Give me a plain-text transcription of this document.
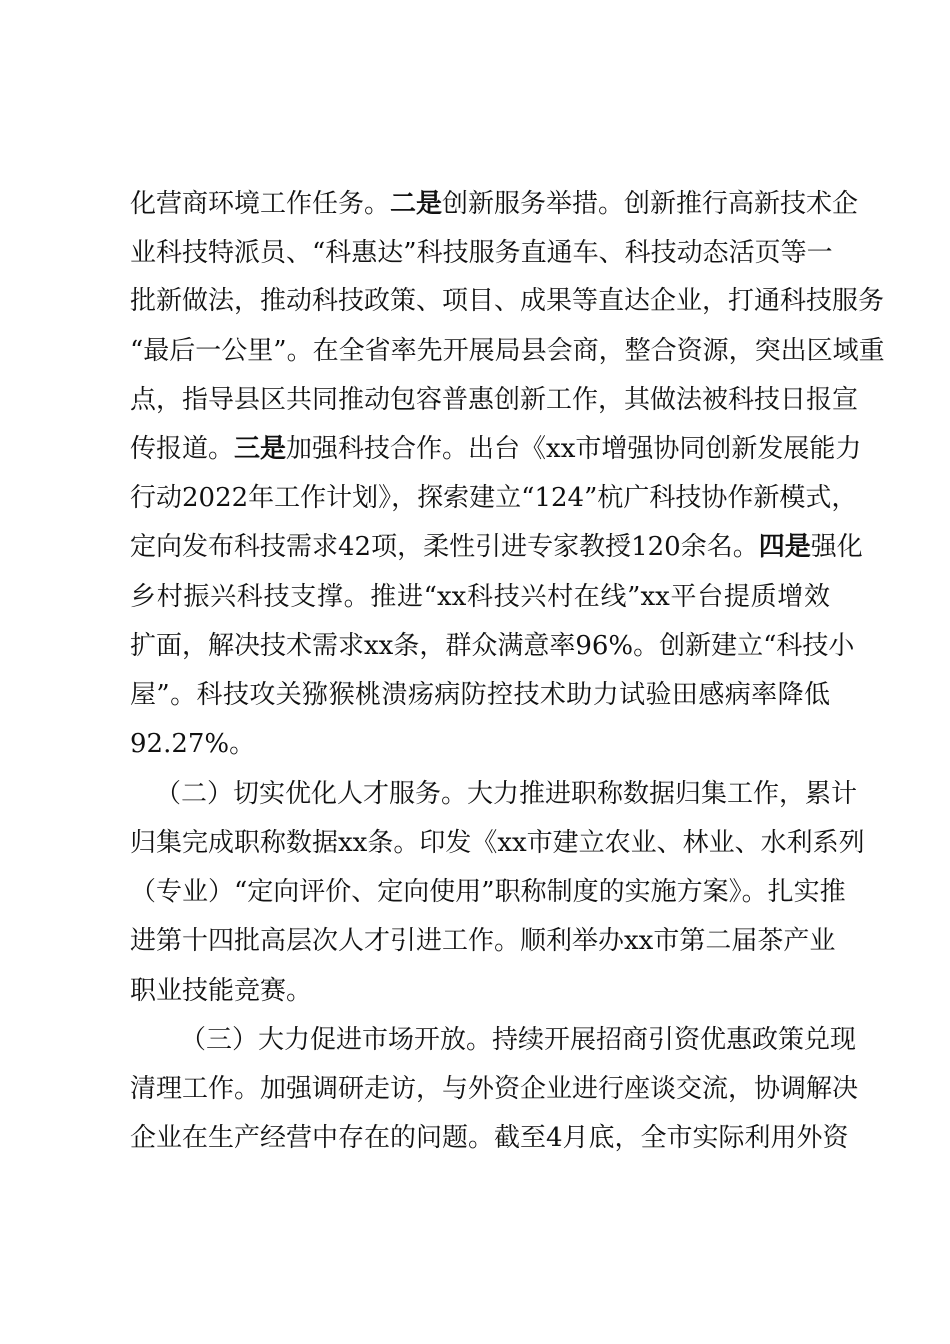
化营商环境工作任务。二是创新服务举措。创新推行高新技术企
业科技特派员、“科惠达”科技服务直通车、科技动态活页等一
批新做法，推动科技政策、项目、成果等直达企业，打通科技服务
“最后一公里”。在全省率先开展局县会商，整合资源，突出区域重
点，指导县区共同推动包容普惠创新工作，其做法被科技日报宣
传报道。三是加强科技合作。出台《xx市增强协同创新发展能力
行动2022年工作计划》，探索建立“124”杭广科技协作新模式，
定向发布科技需求42项，柔性引进专家教授120余名。四是强化
乡村振兴科技支撑。推进“xx科技兴村在线”xx平台提质增效
扩面，解决技术需求xx条，群众满意率96%。创新建立“科技小
屋”。科技攻关猕猴桃溃疡病防控技术助力试验田感病率降低
92.27%。
（二）切实优化人才服务。大力推进职称数据归集工作，累计
归集完成职称数据xx条。印发《xx市建立农业、林业、水利系列
（专业）“定向评价、定向使用”职称制度的实施方案》。扎实推
进第十四批高层次人才引进工作。顺利举办xx市第二届茶产业
职业技能竞赛。
（三）大力促进市场开放。持续开展招商引资优惠政策兑现
清理工作。加强调研走访，与外资企业进行座谈交流，协调解决
企业在生产经营中存在的问题。截至4月底，全市实际利用外资
